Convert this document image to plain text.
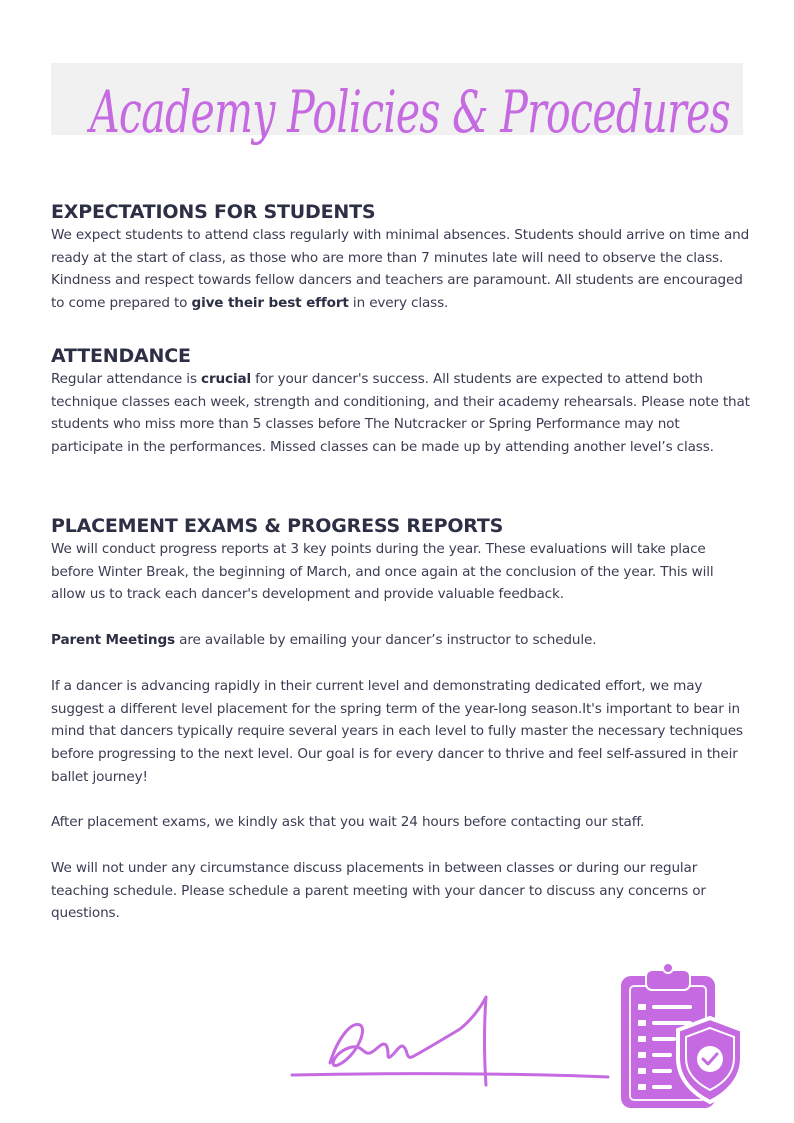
Academy Policies & Procedures
EXPECTATIONS FOR STUDENTS

We expect students to attend class regularly with minimal absences. Students should arrive on time and ready at the start of class, as those who are more than 7 minutes late will need to observe the class. Kindness and respect towards fellow dancers and teachers are paramount. All students are encouraged to come prepared to give their best effort in every class.

ATTENDANCE

Regular attendance is crucial for your dancer's success. All students are expected to attend both technique classes each week, strength and conditioning, and their academy rehearsals. Please note that students who miss more than 5 classes before The Nutcracker or Spring Performance may not participate in the performances. Missed classes can be made up by attending another level’s class.

PLACEMENT EXAMS & PROGRESS REPORTS

We will conduct progress reports at 3 key points during the year. These evaluations will take place before Winter Break, the beginning of March, and once again at the conclusion of the year. This will allow us to track each dancer's development and provide valuable feedback.

Parent Meetings are available by emailing your dancer’s instructor to schedule.

If a dancer is advancing rapidly in their current level and demonstrating dedicated effort, we may suggest a different level placement for the spring term of the year-long season.It's important to bear in mind that dancers typically require several years in each level to fully master the necessary techniques before progressing to the next level. Our goal is for every dancer to thrive and feel self-assured in their ballet journey!

After placement exams, we kindly ask that you wait 24 hours before contacting our staff.

We will not under any circumstance discuss placements in between classes or during our regular teaching schedule. Please schedule a parent meeting with your dancer to discuss any concerns or questions.
